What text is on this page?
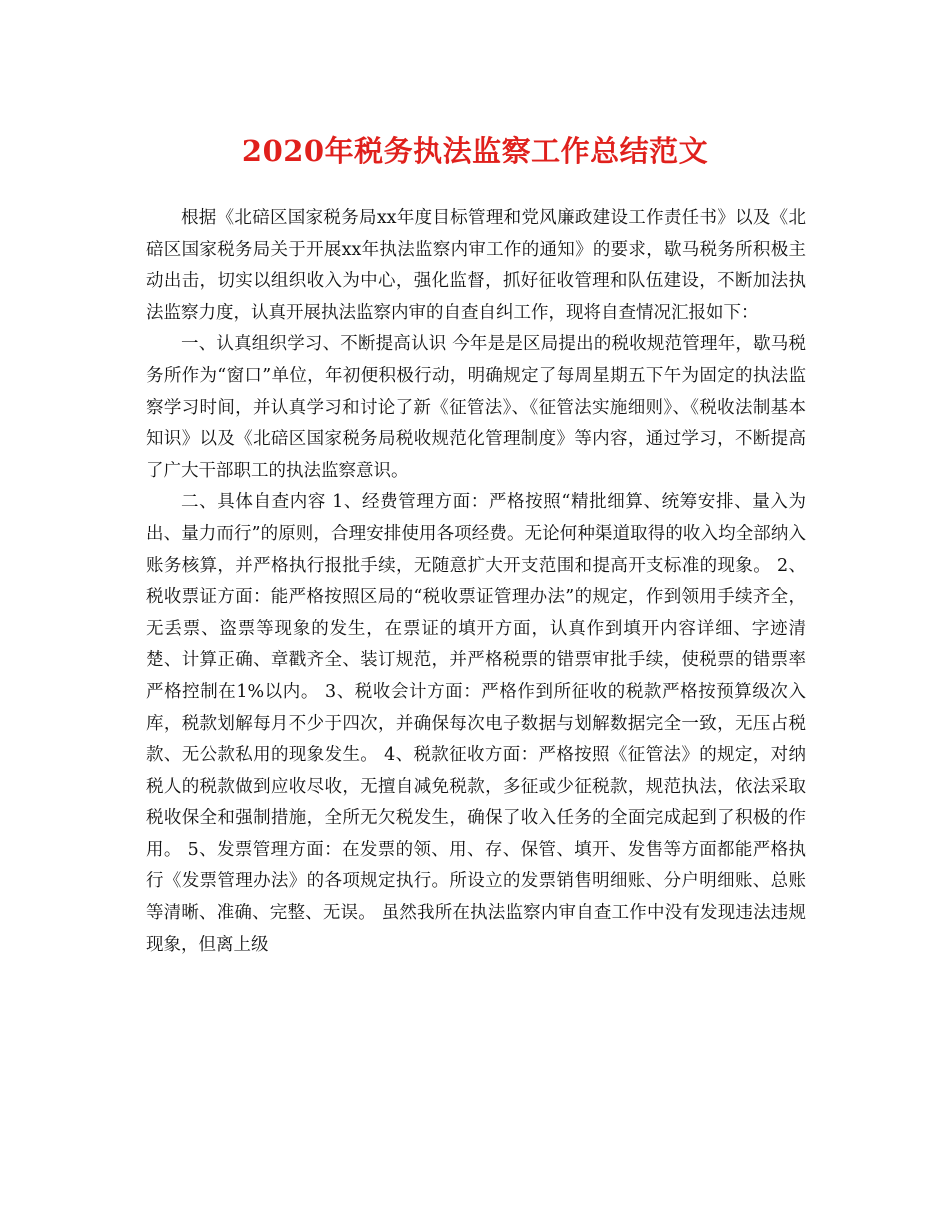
2020年税务执法监察工作总结范文

根据《北碚区国家税务局xx年度目标管理和党风廉政建设工作责任书》以及《北碚区国家税务局关于开展xx年执法监察内审工作的通知》的要求，歇马税务所积极主动出击，切实以组织收入为中心，强化监督，抓好征收管理和队伍建设，不断加法执法监察力度，认真开展执法监察内审的自查自纠工作，现将自查情况汇报如下：

一、认真组织学习、不断提高认识 今年是是区局提出的税收规范管理年，歇马税务所作为“窗口”单位，年初便积极行动，明确规定了每周星期五下午为固定的执法监察学习时间，并认真学习和讨论了新《征管法》、《征管法实施细则》、《税收法制基本知识》以及《北碚区国家税务局税收规范化管理制度》等内容，通过学习，不断提高了广大干部职工的执法监察意识。

二、具体自查内容 1、经费管理方面：严格按照“精批细算、统筹安排、量入为出、量力而行”的原则，合理安排使用各项经费。无论何种渠道取得的收入均全部纳入账务核算，并严格执行报批手续，无随意扩大开支范围和提高开支标准的现象。 2、税收票证方面：能严格按照区局的“税收票证管理办法”的规定，作到领用手续齐全，无丢票、盗票等现象的发生，在票证的填开方面，认真作到填开内容详细、字迹清楚、计算正确、章戳齐全、装订规范，并严格税票的错票审批手续，使税票的错票率严格控制在1%以内。 3、税收会计方面：严格作到所征收的税款严格按预算级次入库，税款划解每月不少于四次，并确保每次电子数据与划解数据完全一致，无压占税款、无公款私用的现象发生。 4、税款征收方面：严格按照《征管法》的规定，对纳税人的税款做到应收尽收，无擅自减免税款，多征或少征税款，规范执法，依法采取税收保全和强制措施，全所无欠税发生，确保了收入任务的全面完成起到了积极的作用。 5、发票管理方面：在发票的领、用、存、保管、填开、发售等方面都能严格执行《发票管理办法》的各项规定执行。所设立的发票销售明细账、分户明细账、总账等清晰、准确、完整、无误。 虽然我所在执法监察内审自查工作中没有发现违法违规现象，但离上级
